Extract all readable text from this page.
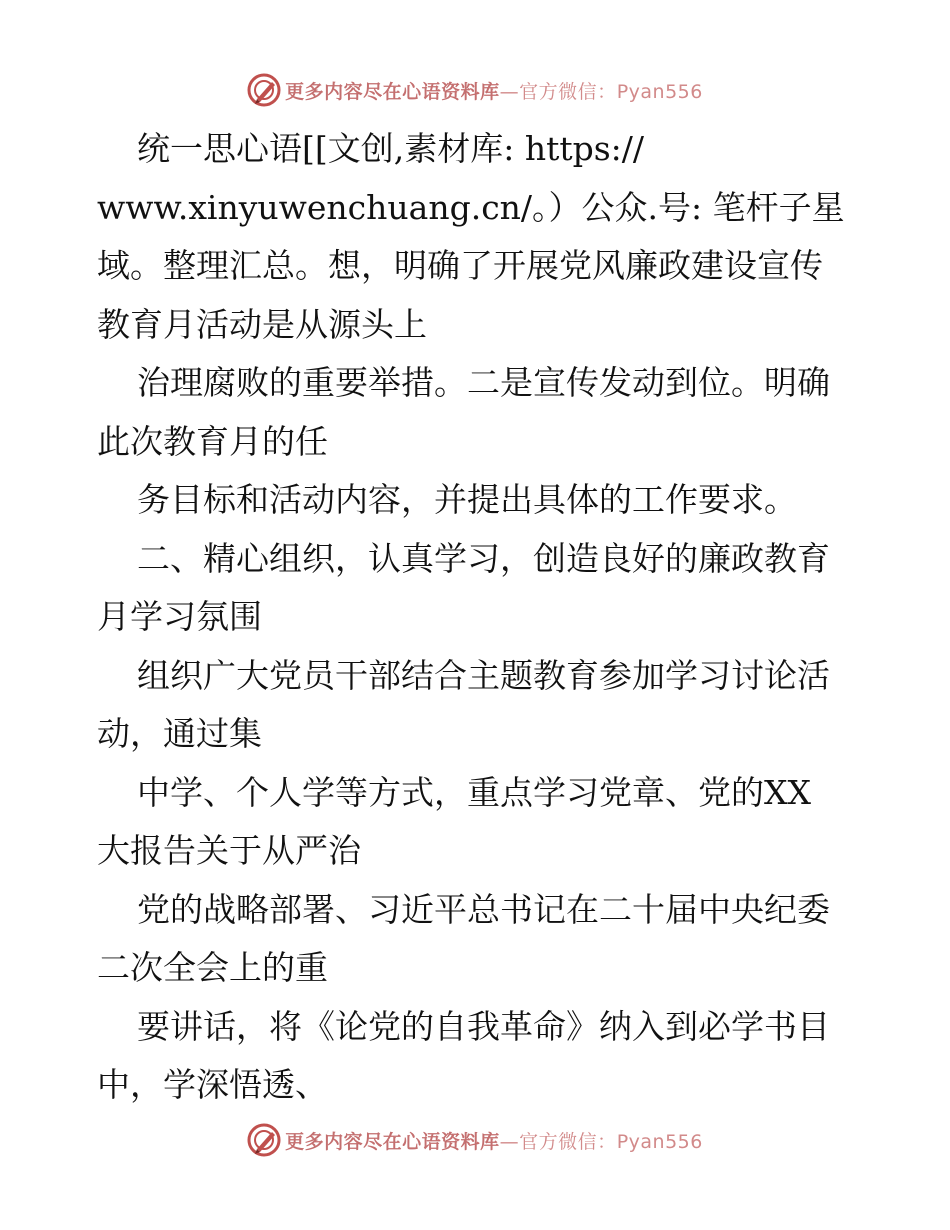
更多内容尽在心语资料库—官方微信：Pyan556
统一思心语[[文创,素材库: https://
www.xinyuwenchuang.cn/。）公众.号: 笔杆子星
域。整理汇总。想，明确了开展党风廉政建设宣传
教育月活动是从源头上
治理腐败的重要举措。二是宣传发动到位。明确
此次教育月的任
务目标和活动内容，并提出具体的工作要求。
二、精心组织，认真学习，创造良好的廉政教育
月学习氛围
组织广大党员干部结合主题教育参加学习讨论活
动，通过集
中学、个人学等方式，重点学习党章、党的XX
大报告关于从严治
党的战略部署、习近平总书记在二十届中央纪委
二次全会上的重
要讲话，将《论党的自我革命》纳入到必学书目
中，学深悟透、
更多内容尽在心语资料库—官方微信：Pyan556
